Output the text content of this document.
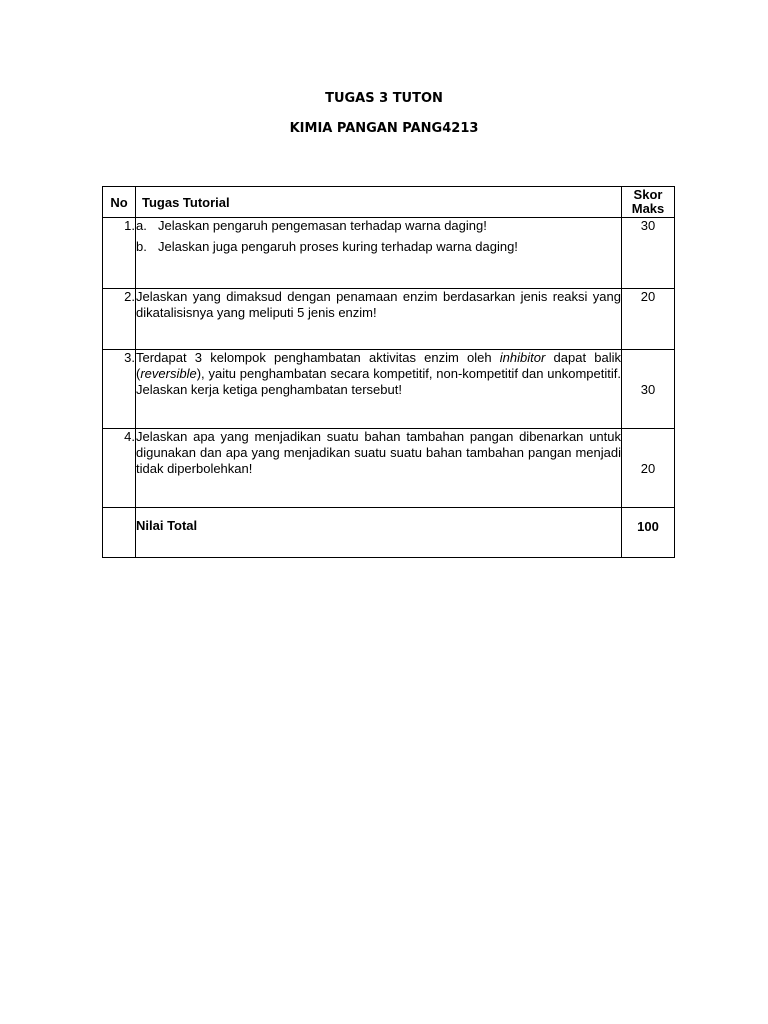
TUGAS 3 TUTON
KIMIA PANGAN PANG4213
No	Tugas Tutorial	Skor
Maks
1.	a. Jelaskan pengaruh pengemasan terhadap warna daging!
b. Jelaskan juga pengaruh proses kuring terhadap warna daging!	30
2.	Jelaskan yang dimaksud dengan penamaan enzim berdasarkan jenis reaksi yang dikatalisisnya yang meliputi 5 jenis enzim!	20
3.	Terdapat 3 kelompok penghambatan aktivitas enzim oleh inhibitor dapat balik (reversible), yaitu penghambatan secara kompetitif, non-kompetitif dan unkompetitif. Jelaskan kerja ketiga penghambatan tersebut!	30
4.	Jelaskan apa yang menjadikan suatu bahan tambahan pangan dibenarkan untuk digunakan dan apa yang menjadikan suatu suatu bahan tambahan pangan menjadi tidak diperbolehkan!	20
	Nilai Total	100
